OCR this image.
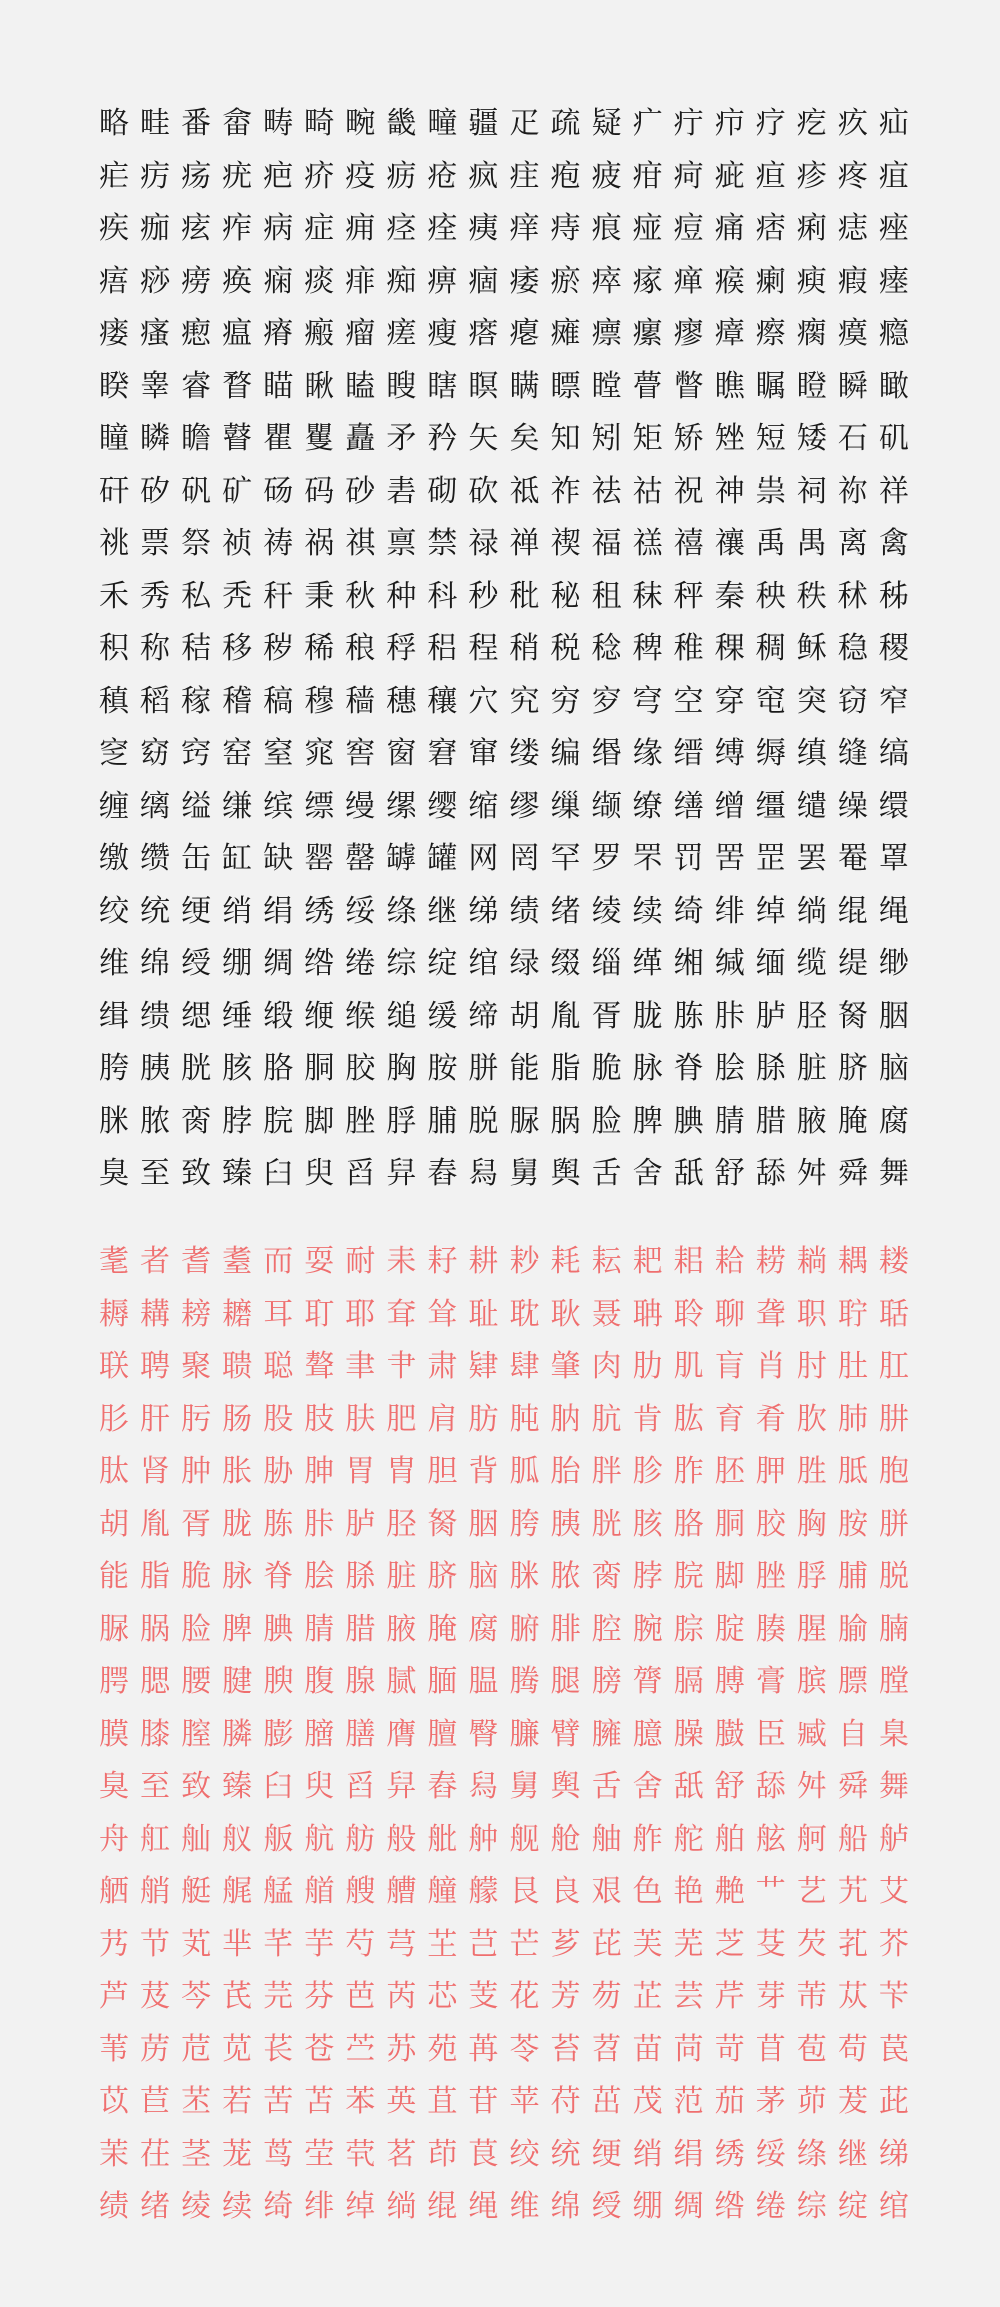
略 畦 番 畲 畴 畸 畹 畿 疃 疆 疋 疏 疑 疒 疔 疖 疗 疙 疚 疝
疟 疠 疡 疣 疤 疥 疫 疬 疮 疯 疰 疱 疲 疳 疴 疵 疸 疹 疼 疽
疾 痂 痃 痄 病 症 痈 痉 痊 痍 痒 痔 痕 痖 痘 痛 痞 痢 痣 痤
痦 痧 痨 痪 痫 痰 痱 痴 痹 痼 痿 瘀 瘁 瘃 瘅 瘊 瘌 瘐 瘕 瘗
瘘 瘙 瘛 瘟 瘠 瘢 瘤 瘥 瘦 瘩 瘪 瘫 瘭 瘰 瘳 瘴 瘵 瘸 瘼 瘾
睽 睾 睿 瞀 瞄 瞅 瞌 瞍 瞎 瞑 瞒 瞟 瞠 瞢 瞥 瞧 瞩 瞪 瞬 瞰
瞳 瞵 瞻 瞽 瞿 矍 矗 矛 矜 矢 矣 知 矧 矩 矫 矬 短 矮 石 矶
矸 矽 矾 矿 砀 码 砂 砉 砌 砍 祗 祚 祛 祜 祝 神 祟 祠 祢 祥
祧 票 祭 祯 祷 祸 祺 禀 禁 禄 禅 禊 福 禚 禧 禳 禹 禺 离 禽
禾 秀 私 秃 秆 秉 秋 种 科 秒 秕 秘 租 秣 秤 秦 秧 秩 秫 秭
积 称 秸 移 秽 稀 稂 稃 稆 程 稍 税 稔 稗 稚 稞 稠 稣 稳 稷
稹 稻 稼 稽 稿 穆 穑 穗 穰 穴 究 穷 穸 穹 空 穿 窀 突 窃 窄
窆 窈 窍 窑 窒 窕 窖 窗 窘 窜 缕 编 缗 缘 缙 缚 缛 缜 缝 缟
缠 缡 缢 缣 缤 缥 缦 缧 缨 缩 缪 缫 缬 缭 缮 缯 缰 缱 缲 缳
缴 缵 缶 缸 缺 罂 罄 罅 罐 网 罔 罕 罗 罘 罚 罟 罡 罢 罨 罩
绞 统 绠 绡 绢 绣 绥 绦 继 绨 绩 绪 绫 续 绮 绯 绰 绱 绲 绳
维 绵 绶 绷 绸 绺 绻 综 绽 绾 绿 缀 缁 缂 缃 缄 缅 缆 缇 缈
缉 缋 缌 缍 缎 缏 缑 缒 缓 缔 胡 胤 胥 胧 胨 胩 胪 胫 胬 胭
胯 胰 胱 胲 胳 胴 胶 胸 胺 胼 能 脂 脆 脉 脊 脍 脎 脏 脐 脑
脒 脓 脔 脖 脘 脚 脞 脬 脯 脱 脲 脶 脸 脾 腆 腈 腊 腋 腌 腐
臭 至 致 臻 臼 臾 舀 舁 舂 舄 舅 舆 舌 舍 舐 舒 舔 舛 舜 舞
耄 者 耆 耋 而 耍 耐 耒 耔 耕 耖 耗 耘 耙 耜 耠 耢 耥 耦 耧
耨 耩 耪 耱 耳 耵 耶 耷 耸 耻 耽 耿 聂 聃 聆 聊 聋 职 聍 聒
联 聘 聚 聩 聪 聱 聿 肀 肃 肄 肆 肇 肉 肋 肌 肓 肖 肘 肚 肛
肜 肝 肟 肠 股 肢 肤 肥 肩 肪 肫 肭 肮 肯 肱 育 肴 肷 肺 肼
肽 肾 肿 胀 胁 胂 胃 胄 胆 背 胍 胎 胖 胗 胙 胚 胛 胜 胝 胞
胡 胤 胥 胧 胨 胩 胪 胫 胬 胭 胯 胰 胱 胲 胳 胴 胶 胸 胺 胼
能 脂 脆 脉 脊 脍 脎 脏 脐 脑 脒 脓 脔 脖 脘 脚 脞 脬 脯 脱
脲 脶 脸 脾 腆 腈 腊 腋 腌 腐 腑 腓 腔 腕 腙 腚 腠 腥 腧 腩
腭 腮 腰 腱 腴 腹 腺 腻 腼 腽 腾 腿 膀 膂 膈 膊 膏 膑 膘 膛
膜 膝 膣 膦 膨 膪 膳 膺 膻 臀 臁 臂 臃 臆 臊 臌 臣 臧 自 臬
臭 至 致 臻 臼 臾 舀 舁 舂 舄 舅 舆 舌 舍 舐 舒 舔 舛 舜 舞
舟 舡 舢 舣 舨 航 舫 般 舭 舯 舰 舱 舳 舴 舵 舶 舷 舸 船 舻
舾 艄 艇 艉 艋 艏 艘 艚 艟 艨 艮 良 艰 色 艳 艴 艹 艺 艽 艾
艿 节 芄 芈 芊 芋 芍 芎 芏 芑 芒 芗 芘 芙 芜 芝 芟 芡 芤 芥
芦 芨 芩 芪 芫 芬 芭 芮 芯 芰 花 芳 芴 芷 芸 芹 芽 芾 苁 苄
苇 苈 苊 苋 苌 苍 苎 苏 苑 苒 苓 苔 苕 苗 苘 苛 苜 苞 苟 苠
苡 苣 苤 若 苦 苫 苯 英 苴 苷 苹 苻 茁 茂 范 茄 茅 茆 茇 茈
茉 茌 茎 茏 茑 茔 茕 茗 茚 茛 绞 统 绠 绡 绢 绣 绥 绦 继 绨
绩 绪 绫 续 绮 绯 绰 绱 绲 绳 维 绵 绶 绷 绸 绺 绻 综 绽 绾
